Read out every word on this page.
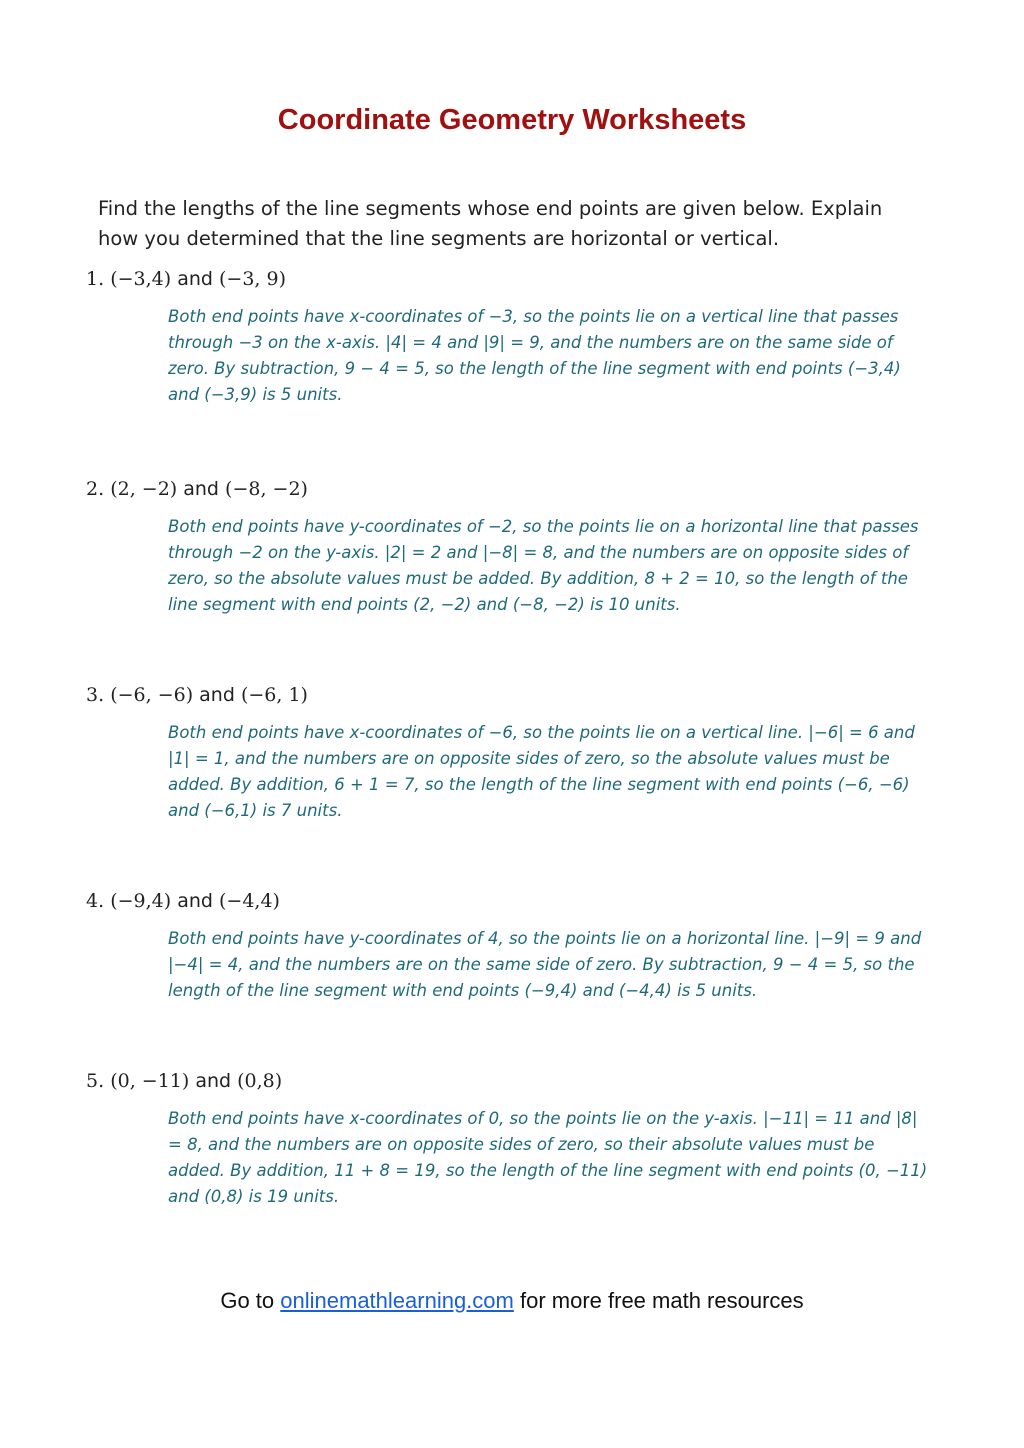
Coordinate Geometry Worksheets
Find the lengths of the line segments whose end points are given below. Explain how you determined that the line segments are horizontal or vertical.
1. (−3,4) and (−3, 9)
Both end points have x-coordinates of −3, so the points lie on a vertical line that passes through −3 on the x-axis. |4| = 4 and |9| = 9, and the numbers are on the same side of zero. By subtraction, 9 − 4 = 5, so the length of the line segment with end points (−3,4) and (−3,9) is 5 units.
2. (2, −2) and (−8, −2)
Both end points have y-coordinates of −2, so the points lie on a horizontal line that passes through −2 on the y-axis. |2| = 2 and |−8| = 8, and the numbers are on opposite sides of zero, so the absolute values must be added. By addition, 8 + 2 = 10, so the length of the line segment with end points (2, −2) and (−8, −2) is 10 units.
3. (−6, −6) and (−6, 1)
Both end points have x-coordinates of −6, so the points lie on a vertical line. |−6| = 6 and |1| = 1, and the numbers are on opposite sides of zero, so the absolute values must be added. By addition, 6 + 1 = 7, so the length of the line segment with end points (−6, −6) and (−6,1) is 7 units.
4. (−9,4) and (−4,4)
Both end points have y-coordinates of 4, so the points lie on a horizontal line. |−9| = 9 and |−4| = 4, and the numbers are on the same side of zero. By subtraction, 9 − 4 = 5, so the length of the line segment with end points (−9,4) and (−4,4) is 5 units.
5. (0, −11) and (0,8)
Both end points have x-coordinates of 0, so the points lie on the y-axis. |−11| = 11 and |8| = 8, and the numbers are on opposite sides of zero, so their absolute values must be added. By addition, 11 + 8 = 19, so the length of the line segment with end points (0, −11) and (0,8) is 19 units.
Go to onlinemathlearning.com for more free math resources
